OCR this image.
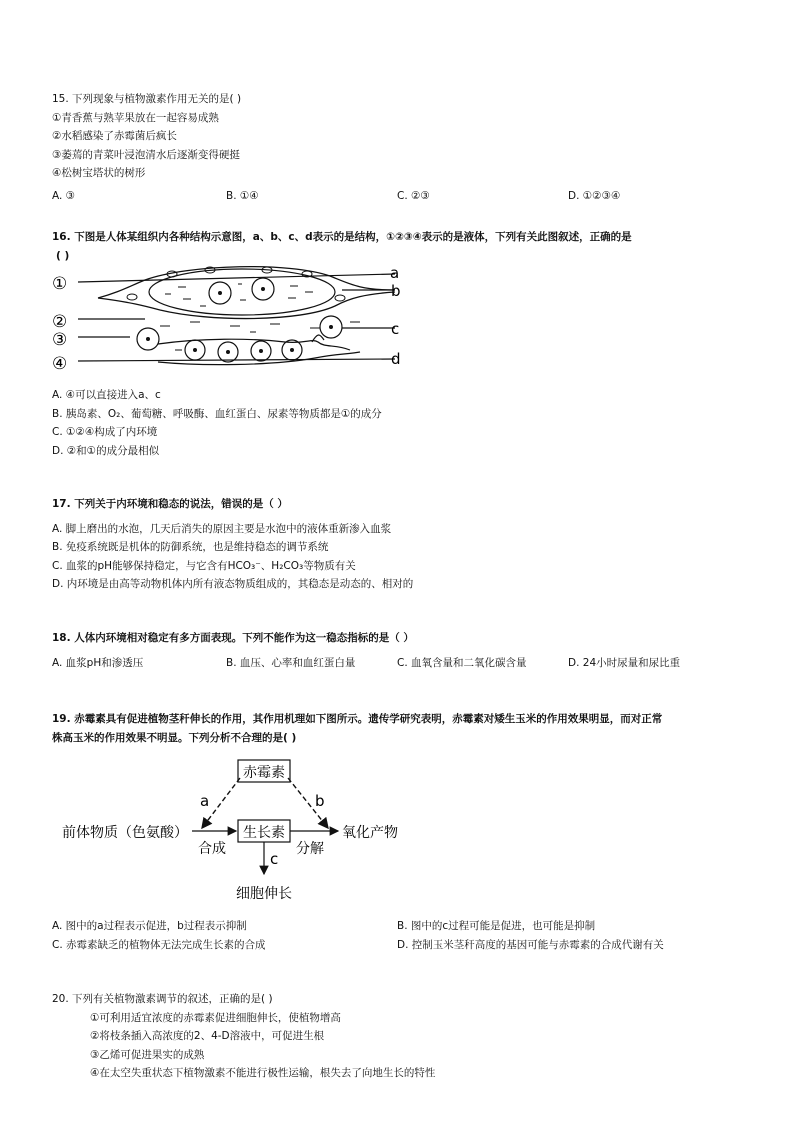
15. 下列现象与植物激素作用无关的是( )
①青香蕉与熟苹果放在一起容易成熟
②水稻感染了赤霉菌后疯长
③萎蔫的青菜叶浸泡清水后逐渐变得硬挺
④松树宝塔状的树形
A. ③	B. ①④	C. ②③	D. ①②③④
16. 下图是人体某组织内各种结构示意图，a、b、c、d表示的是结构，①②③④表示的是液体，下列有关此图叙述，正确的是
( )
①
②
③
④
a
b
c
d
A. ④可以直接进入a、c
B. 胰岛素、O₂、葡萄糖、呼吸酶、血红蛋白、尿素等物质都是①的成分
C. ①②④构成了内环境
D. ②和①的成分最相似
17. 下列关于内环境和稳态的说法，错误的是（ ）
A. 脚上磨出的水泡，几天后消失的原因主要是水泡中的液体重新渗入血浆
B. 免疫系统既是机体的防御系统，也是维持稳态的调节系统
C. 血浆的pH能够保持稳定，与它含有HCO₃⁻、H₂CO₃等物质有关
D. 内环境是由高等动物机体内所有液态物质组成的，其稳态是动态的、相对的
18. 人体内环境相对稳定有多方面表现。下列不能作为这一稳态指标的是（ ）
A. 血浆pH和渗透压	B. 血压、心率和血红蛋白量	C. 血氧含量和二氧化碳含量	D. 24小时尿量和尿比重
19. 赤霉素具有促进植物茎秆伸长的作用，其作用机理如下图所示。遗传学研究表明，赤霉素对矮生玉米的作用效果明显，而对正常
株高玉米的作用效果不明显。下列分析不合理的是( )
赤霉素
生长素
前体物质（色氨酸）
合成	分解
氧化产物
a	b
c
细胞伸长
A. 图中的a过程表示促进，b过程表示抑制	B. 图中的c过程可能是促进，也可能是抑制
C. 赤霉素缺乏的植物体无法完成生长素的合成	D. 控制玉米茎秆高度的基因可能与赤霉素的合成代谢有关
20. 下列有关植物激素调节的叙述，正确的是( )
①可利用适宜浓度的赤霉素促进细胞伸长，使植物增高
②将枝条插入高浓度的2、4-D溶液中，可促进生根
③乙烯可促进果实的成熟
④在太空失重状态下植物激素不能进行极性运输，根失去了向地生长的特性
